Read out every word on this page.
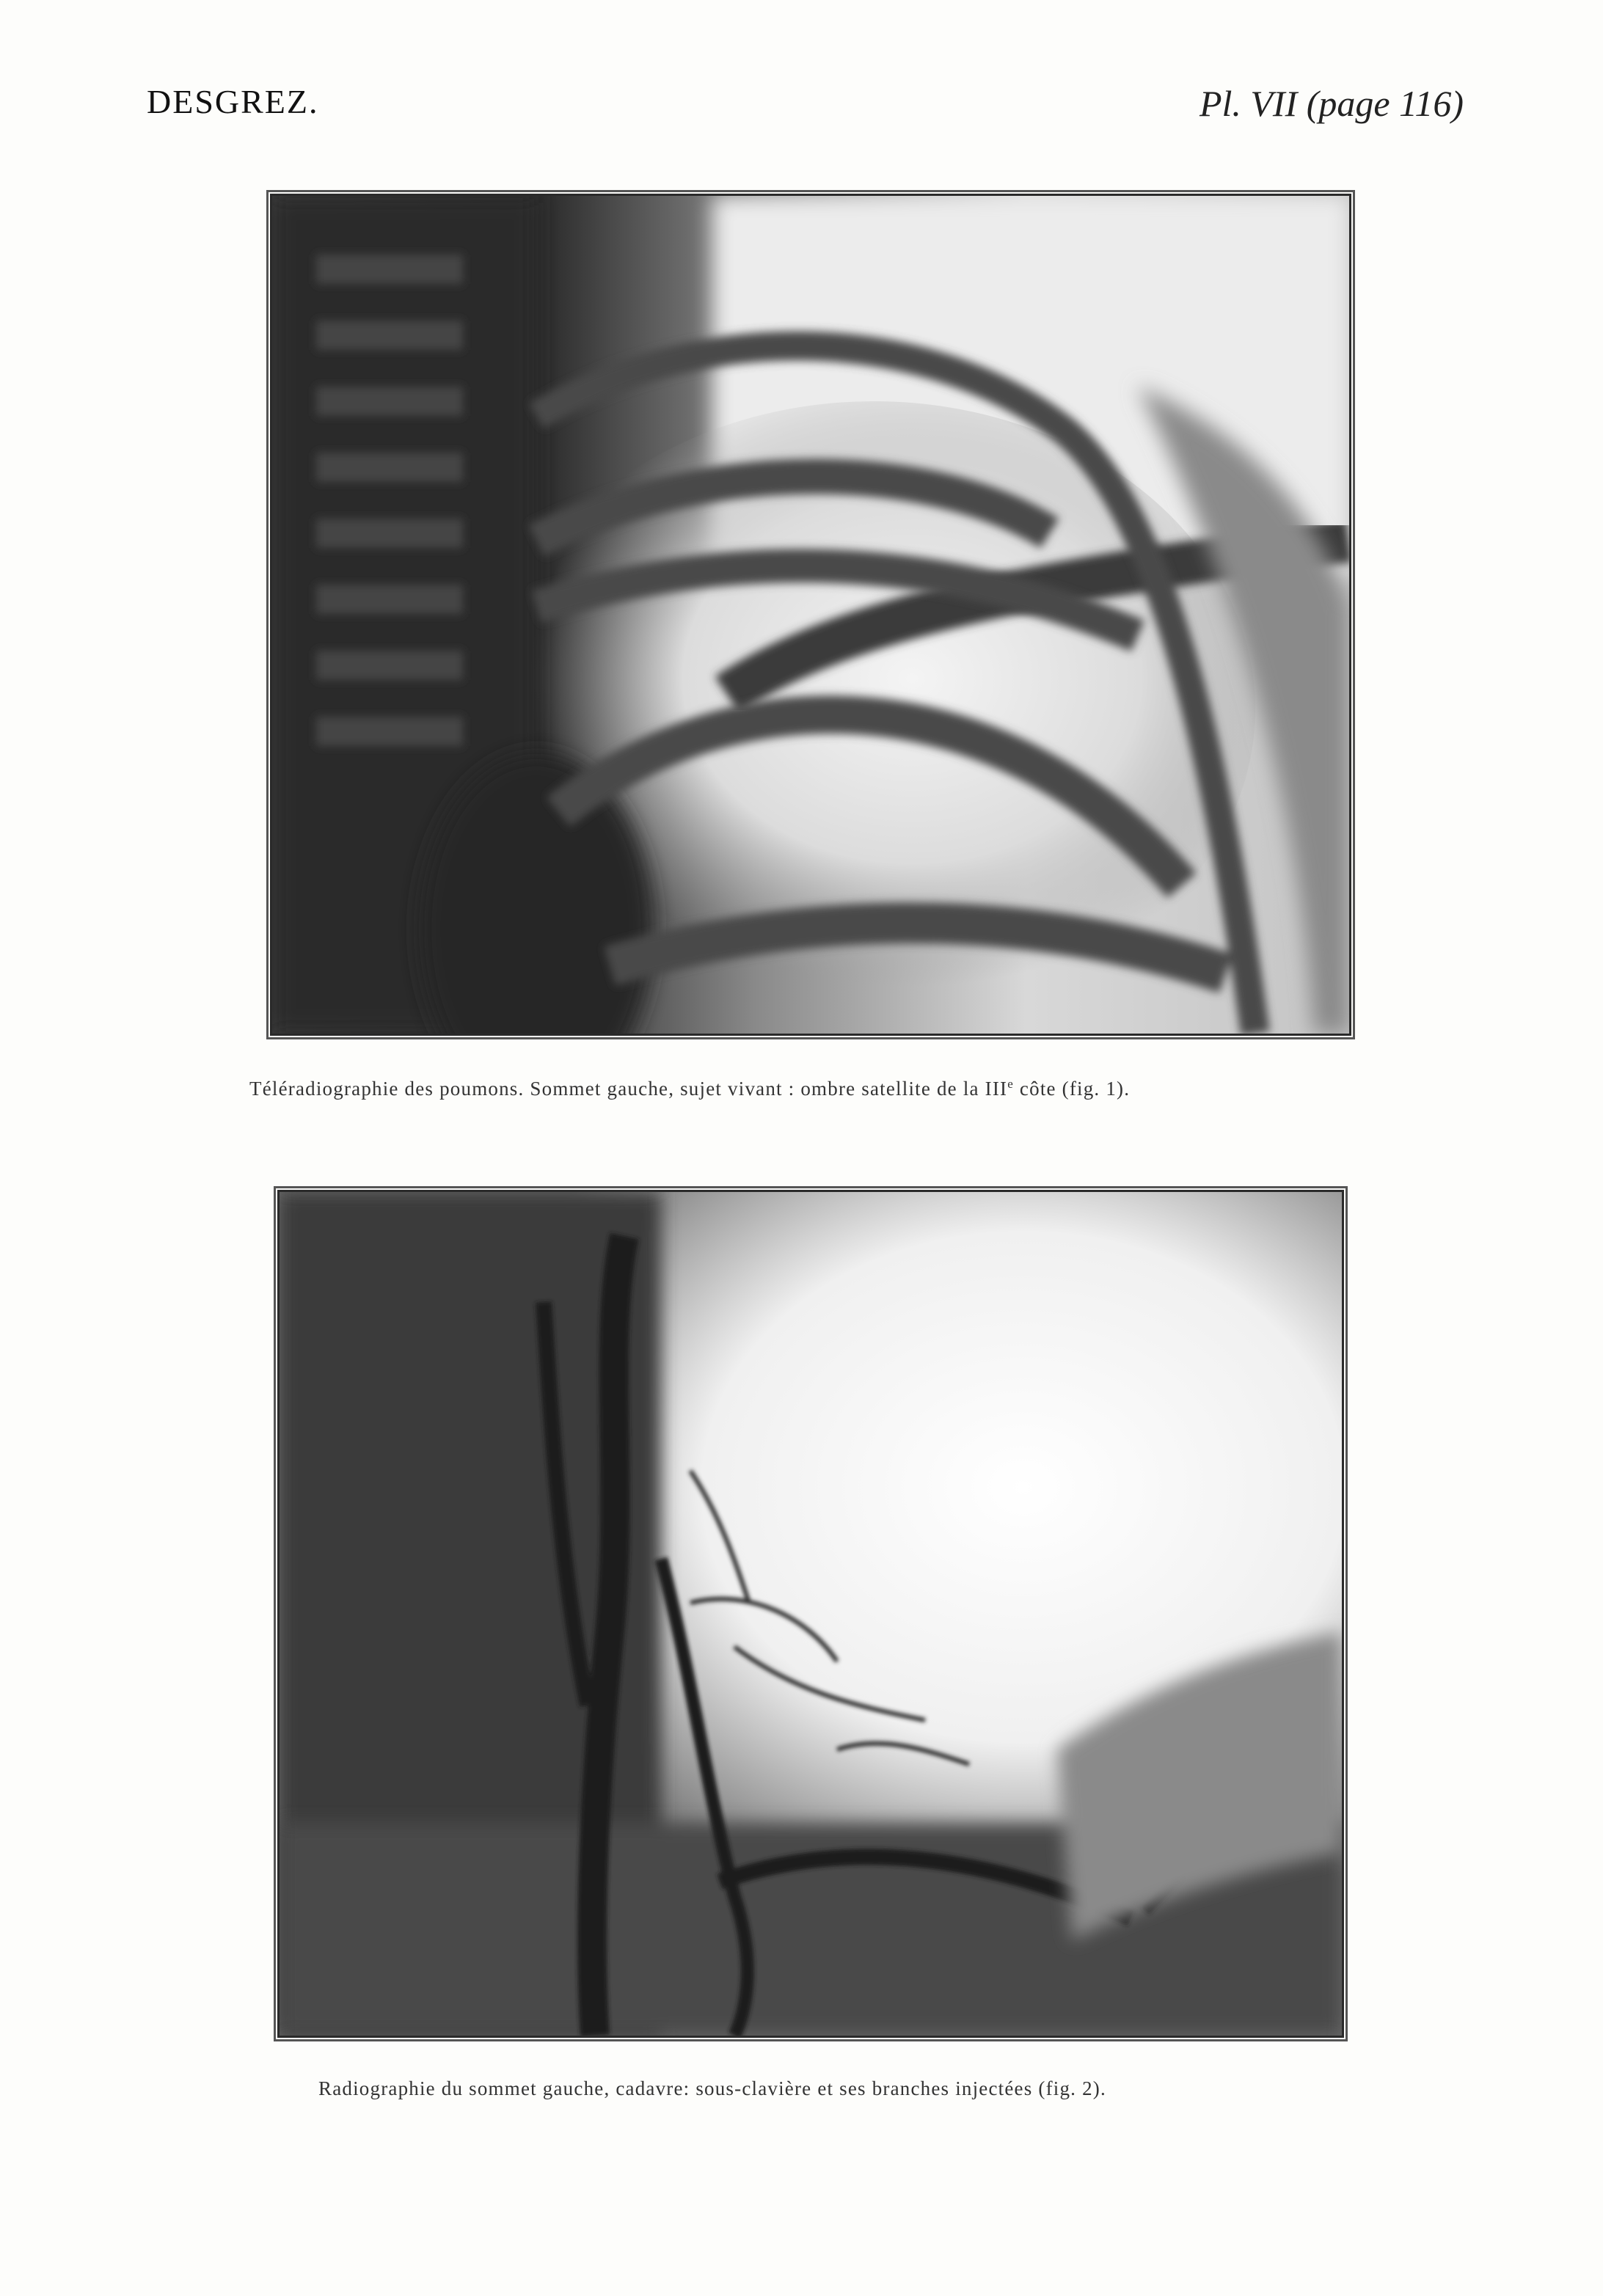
DESGREZ.	Pl. VII (page 116)
Téléradiographie des poumons. Sommet gauche, sujet vivant : ombre satellite de la IIIe côte (fig. 1).
Radiographie du sommet gauche, cadavre: sous-clavière et ses branches injectées (fig. 2).
